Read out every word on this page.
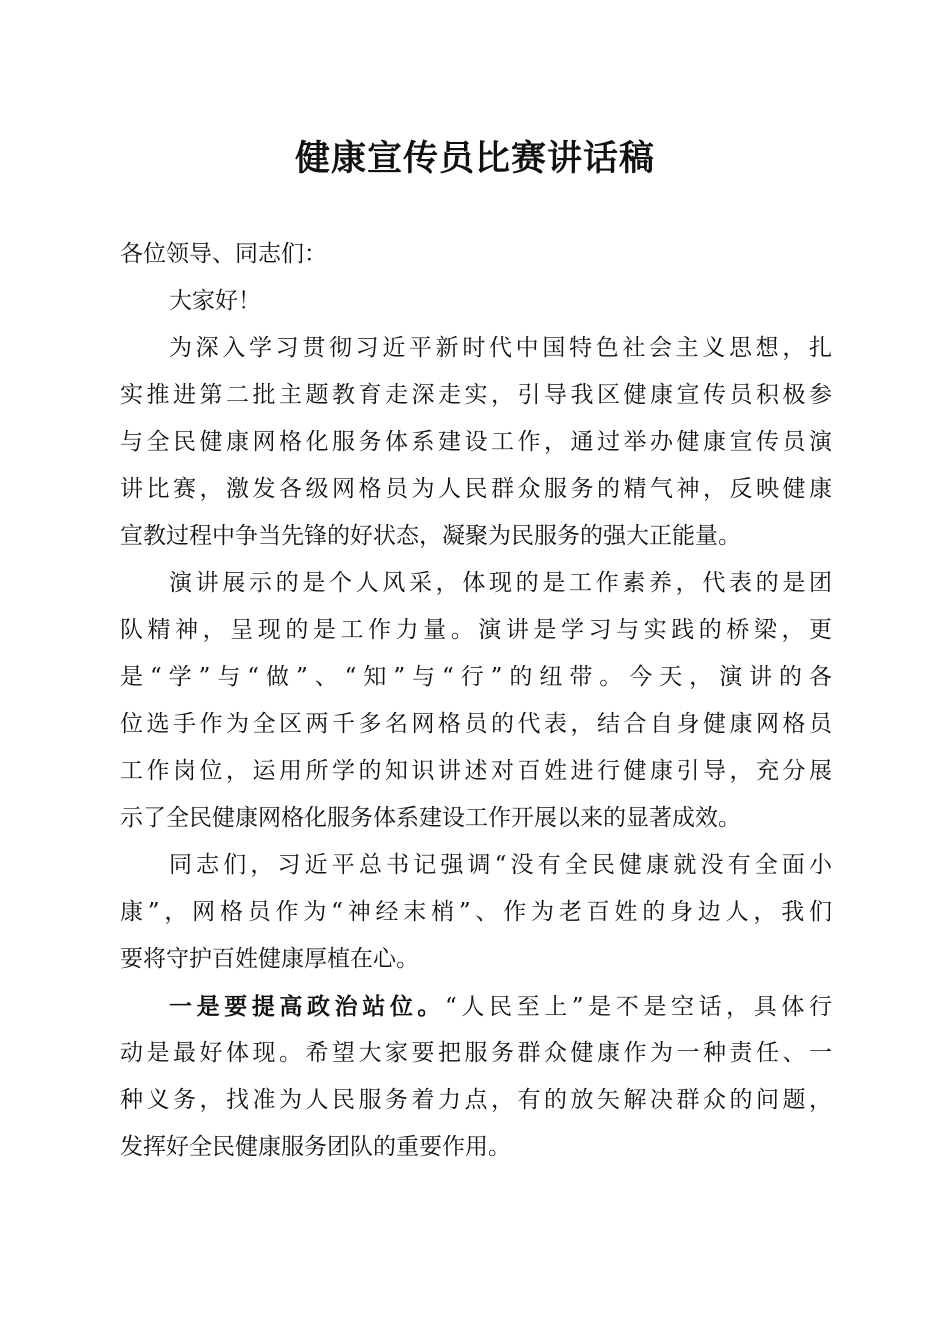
健康宣传员比赛讲话稿
各位领导、同志们：
大家好！
为深入学习贯彻习近平新时代中国特色社会主义思想，扎
实推进第二批主题教育走深走实，引导我区健康宣传员积极参
与全民健康网格化服务体系建设工作，通过举办健康宣传员演
讲比赛，激发各级网格员为人民群众服务的精气神，反映健康
宣教过程中争当先锋的好状态，凝聚为民服务的强大正能量。
演讲展示的是个人风采，体现的是工作素养，代表的是团
队精神，呈现的是工作力量。演讲是学习与实践的桥梁，更
是“学”与“做”、“知”与“行”的纽带。今天，演讲的各
位选手作为全区两千多名网格员的代表，结合自身健康网格员
工作岗位，运用所学的知识讲述对百姓进行健康引导，充分展
示了全民健康网格化服务体系建设工作开展以来的显著成效。
同志们，习近平总书记强调“没有全民健康就没有全面小
康”，网格员作为“神经末梢”、作为老百姓的身边人，我们
要将守护百姓健康厚植在心。
一是要提高政治站位。“人民至上”是不是空话，具体行
动是最好体现。希望大家要把服务群众健康作为一种责任、一
种义务，找准为人民服务着力点，有的放矢解决群众的问题，
发挥好全民健康服务团队的重要作用。
